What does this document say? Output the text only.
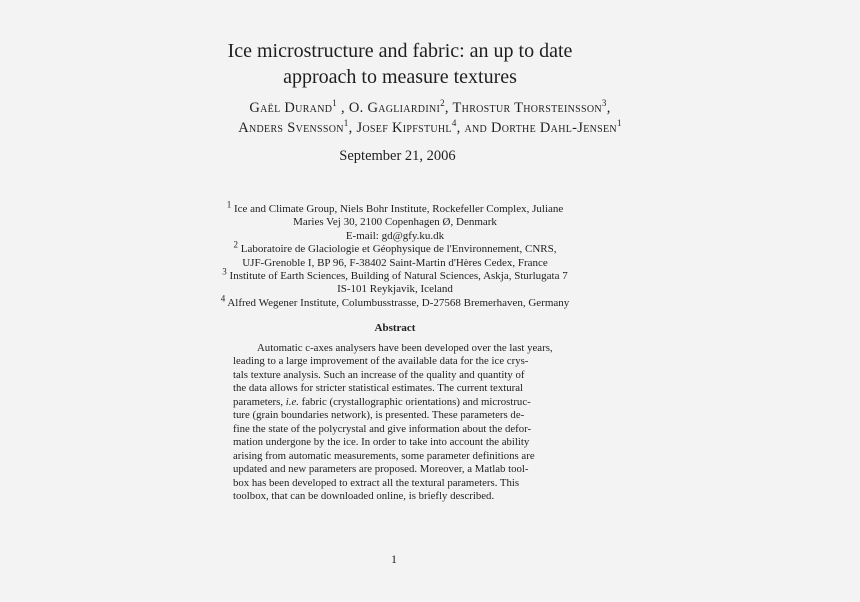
Ice microstructure and fabric: an up to date
approach to measure textures
Gaël Durand$^1$ , O. Gagliardini$^2$, Throstur Thorsteinsson$^3$,
Anders Svensson$^1$, Josef Kipfstuhl$^4$, and Dorthe Dahl-Jensen$^1$
September 21, 2006
$^1$ Ice and Climate Group, Niels Bohr Institute, Rockefeller Complex, Juliane
Maries Vej 30, 2100 Copenhagen Ø, Denmark
E-mail: gd@gfy.ku.dk
$^2$ Laboratoire de Glaciologie et Géophysique de l'Environnement, CNRS,
UJF-Grenoble I, BP 96, F-38402 Saint-Martin d'Hères Cedex, France
$^3$ Institute of Earth Sciences, Building of Natural Sciences, Askja, Sturlugata 7
IS-101 Reykjavik, Iceland
$^4$ Alfred Wegener Institute, Columbusstrasse, D-27568 Bremerhaven, Germany
Abstract
Automatic c-axes analysers have been developed over the last years,
leading to a large improvement of the available data for the ice crys-
tals texture analysis. Such an increase of the quality and quantity of
the data allows for stricter statistical estimates. The current textural
parameters, i.e. fabric (crystallographic orientations) and microstruc-
ture (grain boundaries network), is presented. These parameters de-
fine the state of the polycrystal and give information about the defor-
mation undergone by the ice. In order to take into account the ability
arising from automatic measurements, some parameter definitions are
updated and new parameters are proposed. Moreover, a Matlab tool-
box has been developed to extract all the textural parameters. This
toolbox, that can be downloaded online, is briefly described.
1
